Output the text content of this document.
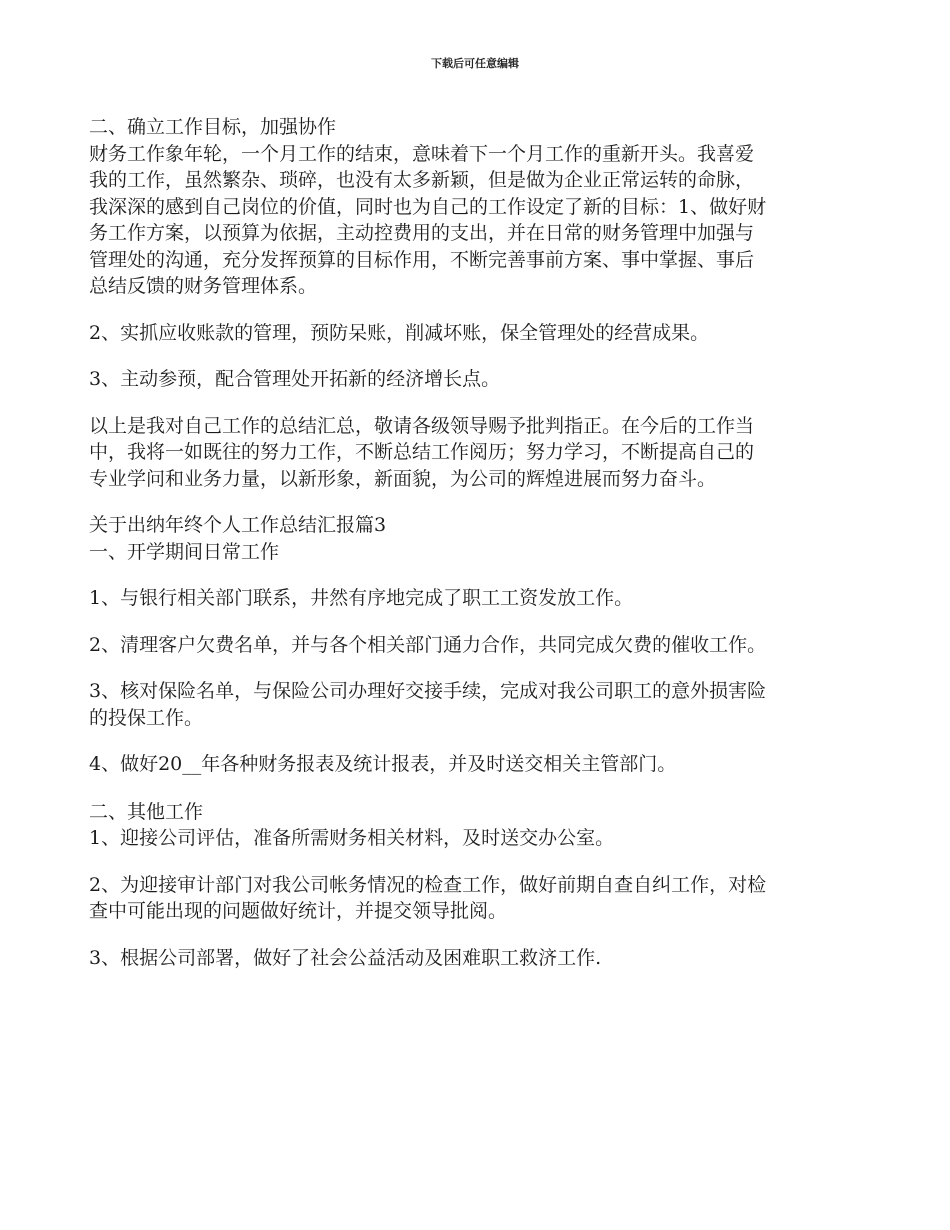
下载后可任意编辑

二、确立工作目标，加强协作

财务工作象年轮，一个月工作的结束，意味着下一个月工作的重新开头。我喜爱
我的工作，虽然繁杂、琐碎，也没有太多新颖，但是做为企业正常运转的命脉，
我深深的感到自己岗位的价值，同时也为自己的工作设定了新的目标：1、做好财
务工作方案，以预算为依据，主动控费用的支出，并在日常的财务管理中加强与
管理处的沟通，充分发挥预算的目标作用，不断完善事前方案、事中掌握、事后
总结反馈的财务管理体系。

2、实抓应收账款的管理，预防呆账，削减坏账，保全管理处的经营成果。

3、主动参预，配合管理处开拓新的经济增长点。

以上是我对自己工作的总结汇总，敬请各级领导赐予批判指正。在今后的工作当
中，我将一如既往的努力工作，不断总结工作阅历；努力学习，不断提高自己的
专业学问和业务力量，以新形象，新面貌，为公司的辉煌进展而努力奋斗。

关于出纳年终个人工作总结汇报篇3

一、开学期间日常工作

1、与银行相关部门联系，井然有序地完成了职工工资发放工作。

2、清理客户欠费名单，并与各个相关部门通力合作，共同完成欠费的催收工作。

3、核对保险名单，与保险公司办理好交接手续，完成对我公司职工的意外损害险
的投保工作。

4、做好20__年各种财务报表及统计报表，并及时送交相关主管部门。

二、其他工作

1、迎接公司评估，准备所需财务相关材料，及时送交办公室。

2、为迎接审计部门对我公司帐务情况的检查工作，做好前期自查自纠工作，对检
查中可能出现的问题做好统计，并提交领导批阅。

3、根据公司部署，做好了社会公益活动及困难职工救济工作.
